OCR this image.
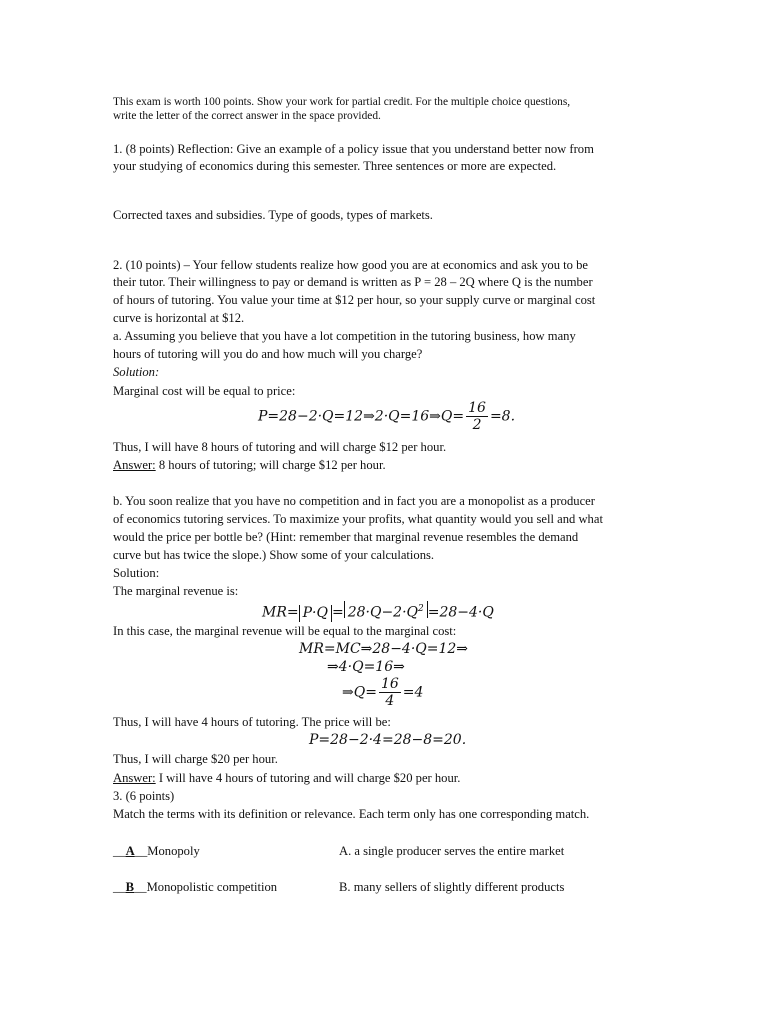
This exam is worth 100 points. Show your work for partial credit. For the multiple choice questions,
write the letter of the correct answer in the space provided.
1. (8 points) Reflection: Give an example of a policy issue that you understand better now from
your studying of economics during this semester. Three sentences or more are expected.
Corrected taxes and subsidies. Type of goods, types of markets.
2. (10 points) – Your fellow students realize how good you are at economics and ask you to be
their tutor. Their willingness to pay or demand is written as P = 28 – 2Q where Q is the number
of hours of tutoring. You value your time at $12 per hour, so your supply curve or marginal cost
curve is horizontal at $12.
a. Assuming you believe that you have a lot competition in the tutoring business, how many
hours of tutoring will you do and how much will you charge?
Solution:
Marginal cost will be equal to price:
P=28−2·Q=12⇒2·Q=16⇒Q= $\frac{16}{2} =8$.
Thus, I will have 8 hours of tutoring and will charge $12 per hour.
Answer: 8 hours of tutoring; will charge $12 per hour.
b. You soon realize that you have no competition and in fact you are a monopolist as a producer
of economics tutoring services. To maximize your profits, what quantity would you sell and what
would the price per bottle be? (Hint: remember that marginal revenue resembles the demand
curve but has twice the slope.) Show some of your calculations.
Solution:
The marginal revenue is:
$MR= P\cdot Q = 28\cdot Q-2\cdot Q^2 =28-4\cdot Q$
In this case, the marginal revenue will be equal to the marginal cost:
MR=MC⇒28−4·Q=12⇒
⇒4·Q=16⇒
⇒Q= $\frac{16}{4} =4$
Thus, I will have 4 hours of tutoring. The price will be:
P=28−2·4=28−8=20.
Thus, I will charge $20 per hour.
Answer: I will have 4 hours of tutoring and will charge $20 per hour.
3. (6 points)
Match the terms with its definition or relevance. Each term only has one corresponding match.
__A__Monopoly	A. a single producer serves the entire market
__B__Monopolistic competition	B. many sellers of slightly different products
